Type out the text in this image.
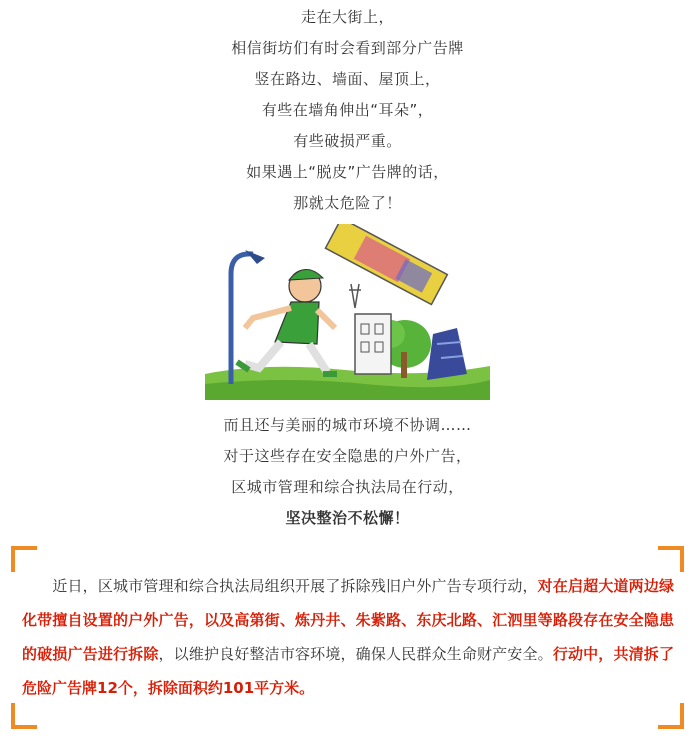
走在大街上，
相信街坊们有时会看到部分广告牌
竖在路边、墙面、屋顶上，
有些在墙角伸出“耳朵”，
有些破损严重。
如果遇上“脱皮”广告牌的话，
那就太危险了！
而且还与美丽的城市环境不协调……
对于这些存在安全隐患的户外广告，
区城市管理和综合执法局在行动，
坚决整治不松懈！
　　近日，区城市管理和综合执法局组织开展了拆除残旧户外广告专项行动，对在启超大道两边绿化带擅自设置的户外广告，以及高第街、炼丹井、朱紫路、东庆北路、汇泗里等路段存在安全隐患的破损广告进行拆除，以维护良好整洁市容环境，确保人民群众生命财产安全。行动中，共清拆了危险广告牌12个，拆除面积约101平方米。
